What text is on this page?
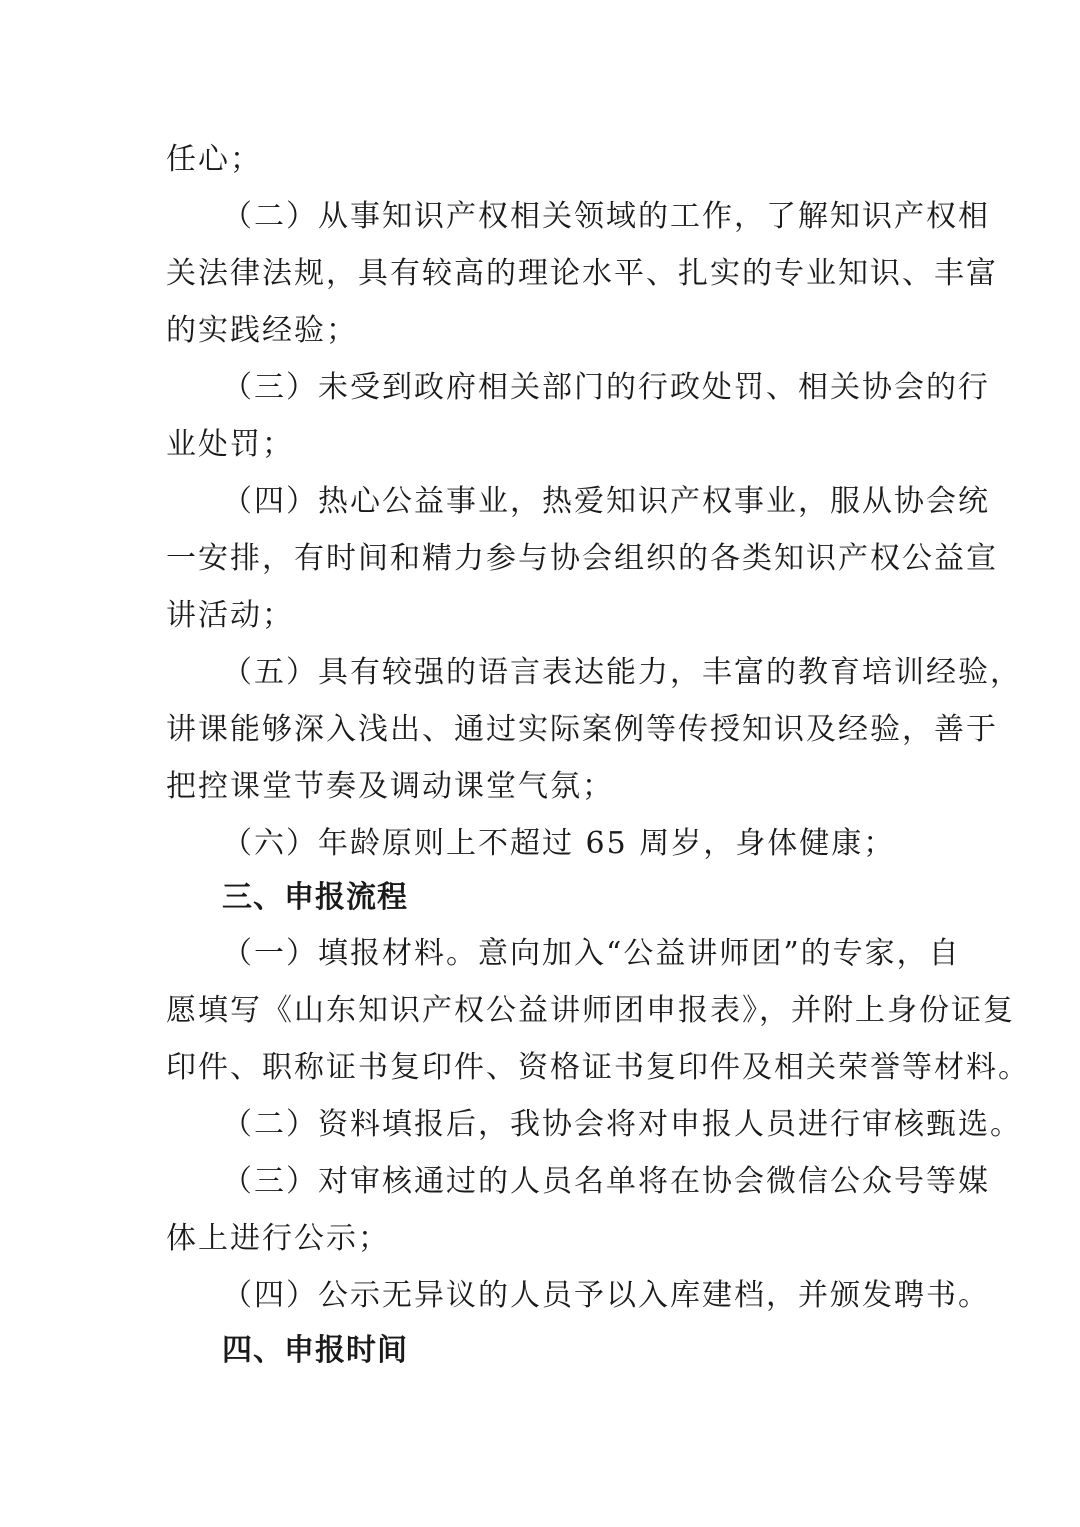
任心；
（二）从事知识产权相关领域的工作，了解知识产权相
关法律法规，具有较高的理论水平、扎实的专业知识、丰富
的实践经验；
（三）未受到政府相关部门的行政处罚、相关协会的行
业处罚；
（四）热心公益事业，热爱知识产权事业，服从协会统
一安排，有时间和精力参与协会组织的各类知识产权公益宣
讲活动；
（五）具有较强的语言表达能力，丰富的教育培训经验，
讲课能够深入浅出、通过实际案例等传授知识及经验，善于
把控课堂节奏及调动课堂气氛；
（六）年龄原则上不超过 65 周岁，身体健康；
三、申报流程
（一）填报材料。意向加入“公益讲师团”的专家，自
愿填写《山东知识产权公益讲师团申报表》，并附上身份证复
印件、职称证书复印件、资格证书复印件及相关荣誉等材料。
（二）资料填报后，我协会将对申报人员进行审核甄选。
（三）对审核通过的人员名单将在协会微信公众号等媒
体上进行公示；
（四）公示无异议的人员予以入库建档，并颁发聘书。
四、申报时间
